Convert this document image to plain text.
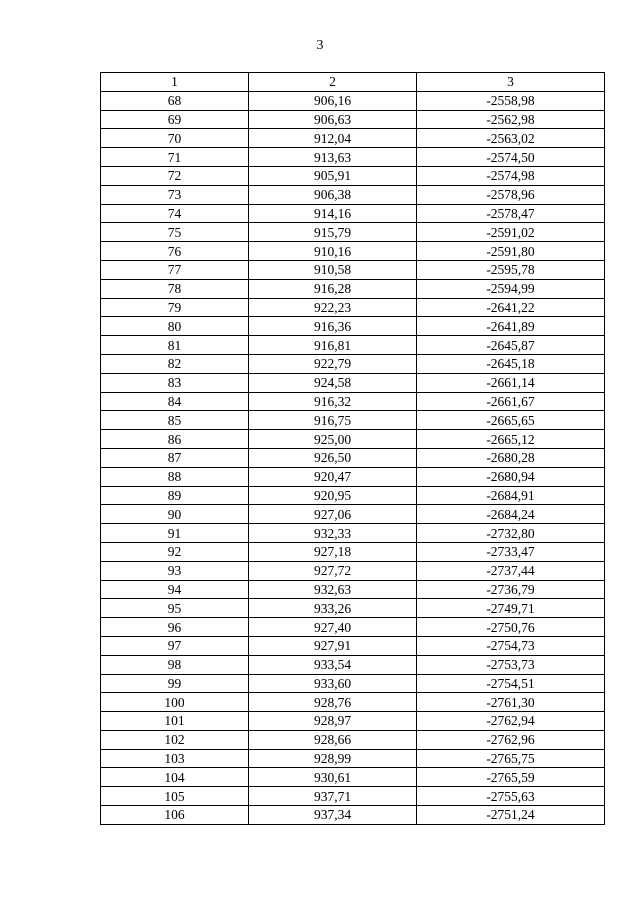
3
1	2	3
68	906,16	-2558,98
69	906,63	-2562,98
70	912,04	-2563,02
71	913,63	-2574,50
72	905,91	-2574,98
73	906,38	-2578,96
74	914,16	-2578,47
75	915,79	-2591,02
76	910,16	-2591,80
77	910,58	-2595,78
78	916,28	-2594,99
79	922,23	-2641,22
80	916,36	-2641,89
81	916,81	-2645,87
82	922,79	-2645,18
83	924,58	-2661,14
84	916,32	-2661,67
85	916,75	-2665,65
86	925,00	-2665,12
87	926,50	-2680,28
88	920,47	-2680,94
89	920,95	-2684,91
90	927,06	-2684,24
91	932,33	-2732,80
92	927,18	-2733,47
93	927,72	-2737,44
94	932,63	-2736,79
95	933,26	-2749,71
96	927,40	-2750,76
97	927,91	-2754,73
98	933,54	-2753,73
99	933,60	-2754,51
100	928,76	-2761,30
101	928,97	-2762,94
102	928,66	-2762,96
103	928,99	-2765,75
104	930,61	-2765,59
105	937,71	-2755,63
106	937,34	-2751,24
